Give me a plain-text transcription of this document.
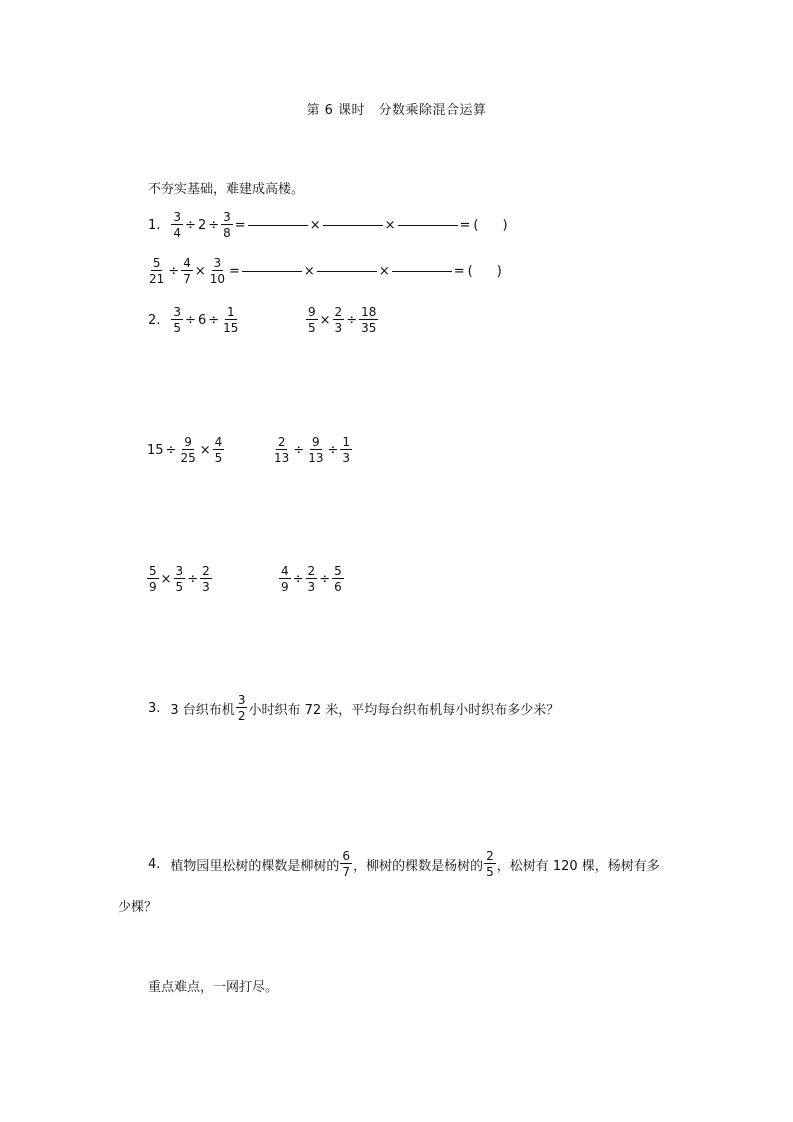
第 6 课时　分数乘除混合运算
不夯实基础，难建成高楼。
1. $\frac{3}{4} \div 2 \div \frac{3}{8}$ =	×	×	= ( )
$\frac{5}{21} \div \frac{4}{7} \times \frac{3}{10}$ =	×	×	= ( )
2. $\frac{3}{5} \div 6 \div \frac{1}{15}$	$\frac{9}{5} \times \frac{2}{3} \div \frac{18}{35}$
$15 \div \frac{9}{25} \times \frac{4}{5}$	$\frac{2}{13} \div \frac{9}{13} \div \frac{1}{3}$
$\frac{5}{9} \times \frac{3}{5} \div \frac{2}{3}$	$\frac{4}{9} \div \frac{2}{3} \div \frac{5}{6}$
3. 3 台织布机 $\frac{3}{2}$ 小时织布 72 米，平均每台织布机每小时织布多少米？
4. 植物园里松树的棵数是柳树的 $\frac{6}{7}$ ，柳树的棵数是杨树的 $\frac{2}{5}$ ，松树有 120 棵，杨树有多
少棵？
重点难点，一网打尽。
